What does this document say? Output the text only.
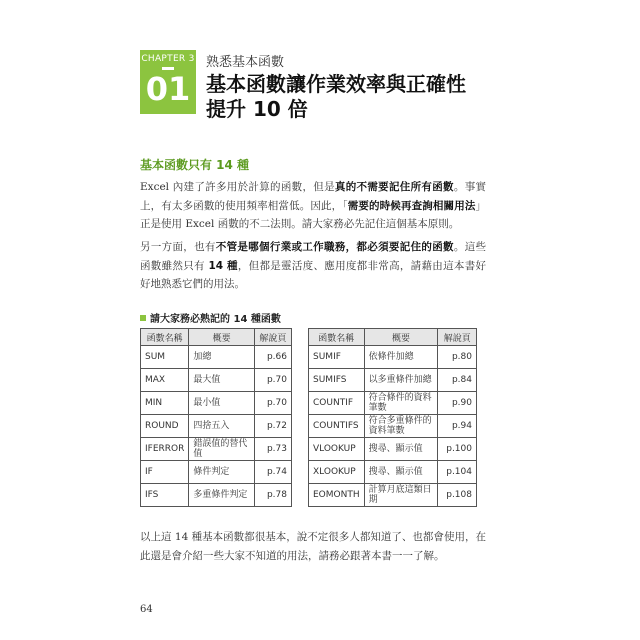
CHAPTER 3
01
熟悉基本函數
基本函數讓作業效率與正確性
提升 10 倍
基本函數只有 14 種
Excel 內建了許多用於計算的函數，但是真的不需要記住所有函數。事實上，有太多函數的使用頻率相當低。因此，「需要的時候再查詢相關用法」正是使用 Excel 函數的不二法則。請大家務必先記住這個基本原則。
另一方面，也有不管是哪個行業或工作職務，都必須要記住的函數。這些函數雖然只有 14 種，但都是靈活度、應用度都非常高，請藉由這本書好好地熟悉它們的用法。
請大家務必熟記的 14 種函數
函數名稱	概要	解說頁
SUM	加總	p.66
MAX	最大值	p.70
MIN	最小值	p.70
ROUND	四捨五入	p.72
IFERROR	錯誤值的替代值	p.73
IF	條件判定	p.74
IFS	多重條件判定	p.78
函數名稱	概要	解說頁
SUMIF	依條件加總	p.80
SUMIFS	以多重條件加總	p.84
COUNTIF	符合條件的資料筆數	p.90
COUNTIFS	符合多重條件的資料筆數	p.94
VLOOKUP	搜尋、顯示值	p.100
XLOOKUP	搜尋、顯示值	p.104
EOMONTH	計算月底這類日期	p.108
以上這 14 種基本函數都很基本，說不定很多人都知道了、也都會使用，在此還是會介紹一些大家不知道的用法，請務必跟著本書一一了解。
64
